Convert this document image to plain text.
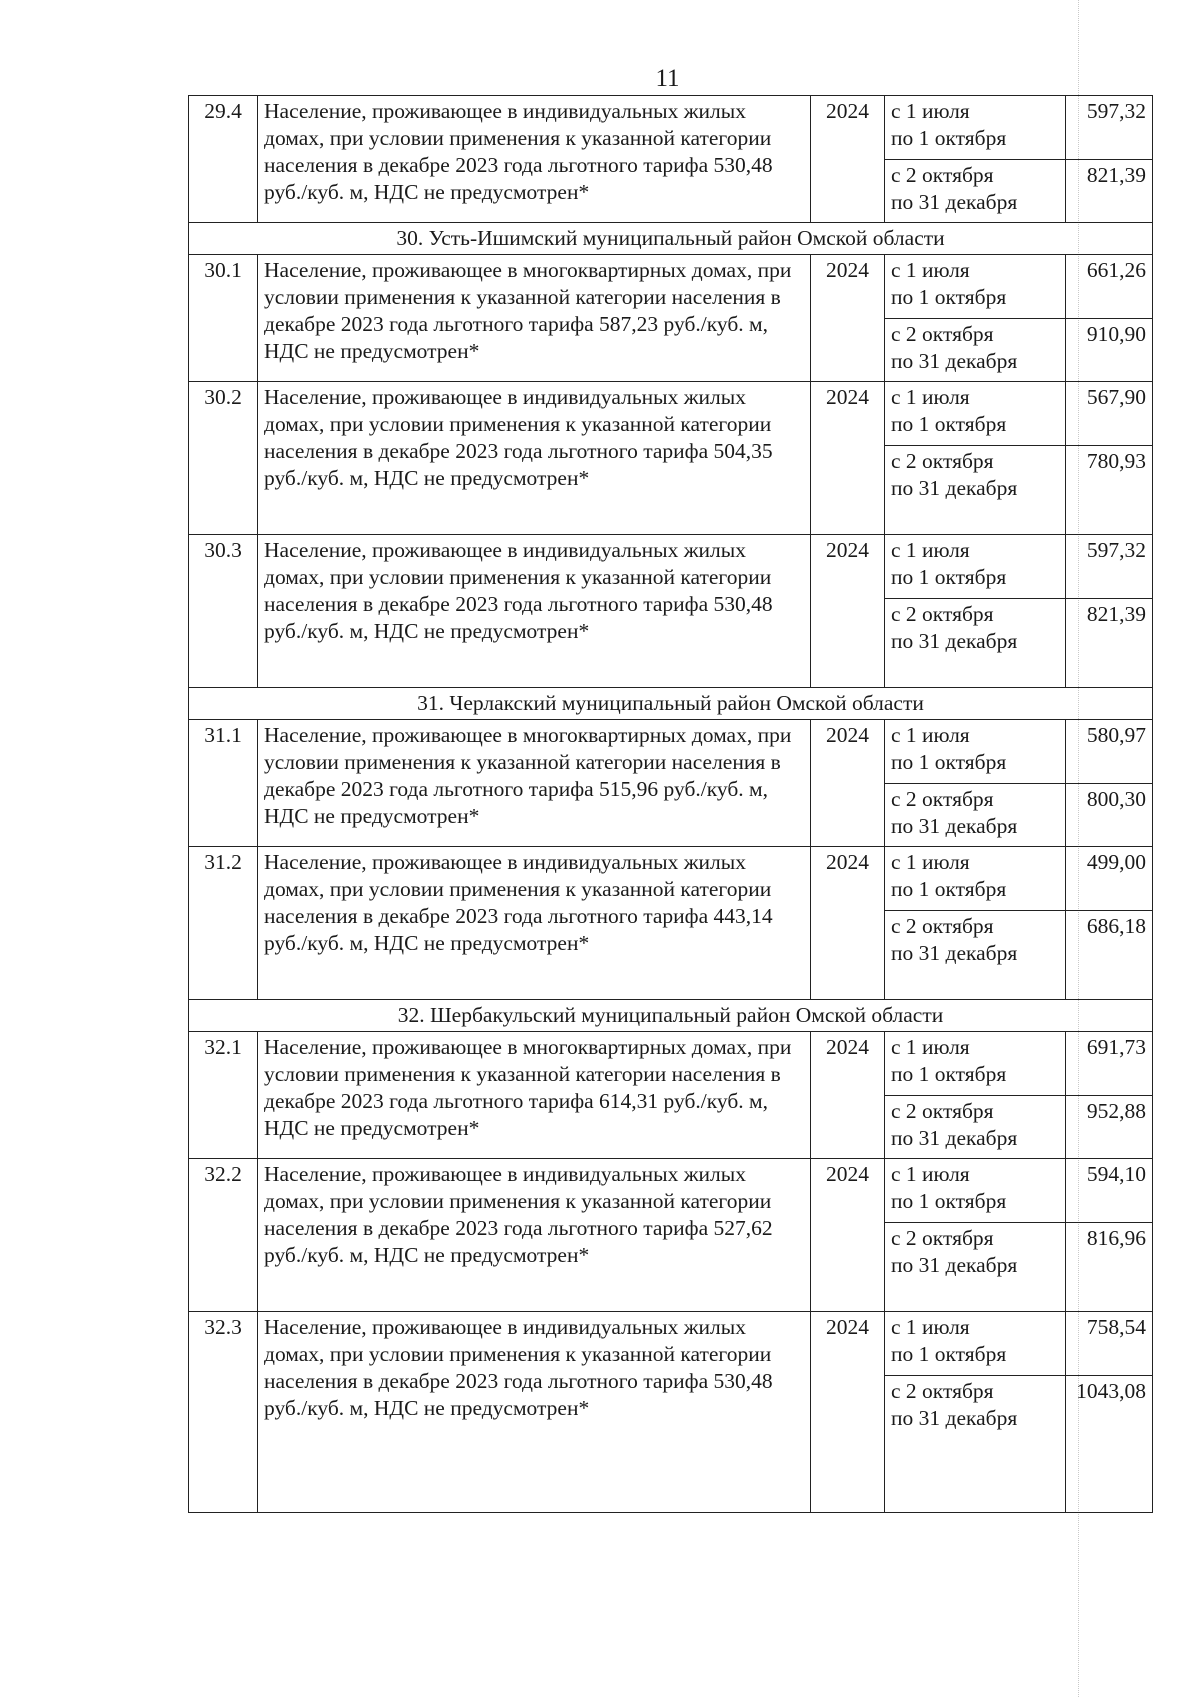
11
29.4	Население, проживающее в индивидуальных жилых домах, при условии применения к указанной категории населения в декабре 2023 года льготного тарифа 530,48 руб./куб. м, НДС не предусмотрен*	2024	с 1 июля
по 1 октября	597,32
			с 2 октября
по 31 декабря	821,39
30. Усть-Ишимский муниципальный район Омской области				
30.1	Население, проживающее в многоквартирных домах, при условии применения к указанной категории населения в декабре 2023 года льготного тарифа 587,23 руб./куб. м, НДС не предусмотрен*	2024	с 1 июля
по 1 октября	661,26
			с 2 октября
по 31 декабря	910,90
30.2	Население, проживающее в индивидуальных жилых домах, при условии применения к указанной категории населения в декабре 2023 года льготного тарифа 504,35 руб./куб. м, НДС не предусмотрен*	2024	с 1 июля
по 1 октября	567,90
			с 2 октября
по 31 декабря	780,93
30.3	Население, проживающее в индивидуальных жилых домах, при условии применения к указанной категории населения в декабре 2023 года льготного тарифа 530,48 руб./куб. м, НДС не предусмотрен*	2024	с 1 июля
по 1 октября	597,32
			с 2 октября
по 31 декабря	821,39
31. Черлакский муниципальный район Омской области				
31.1	Население, проживающее в многоквартирных домах, при условии применения к указанной категории населения в декабре 2023 года льготного тарифа 515,96 руб./куб. м, НДС не предусмотрен*	2024	с 1 июля
по 1 октября	580,97
			с 2 октября
по 31 декабря	800,30
31.2	Население, проживающее в индивидуальных жилых домах, при условии применения к указанной категории населения в декабре 2023 года льготного тарифа 443,14 руб./куб. м, НДС не предусмотрен*	2024	с 1 июля
по 1 октября	499,00
			с 2 октября
по 31 декабря	686,18
32. Шербакульский муниципальный район Омской области				
32.1	Население, проживающее в многоквартирных домах, при условии применения к указанной категории населения в декабре 2023 года льготного тарифа 614,31 руб./куб. м, НДС не предусмотрен*	2024	с 1 июля
по 1 октября	691,73
			с 2 октября
по 31 декабря	952,88
32.2	Население, проживающее в индивидуальных жилых домах, при условии применения к указанной категории населения в декабре 2023 года льготного тарифа 527,62 руб./куб. м, НДС не предусмотрен*	2024	с 1 июля
по 1 октября	594,10
			с 2 октября
по 31 декабря	816,96
32.3	Население, проживающее в индивидуальных жилых домах, при условии применения к указанной категории населения в декабре 2023 года льготного тарифа 530,48 руб./куб. м, НДС не предусмотрен*	2024	с 1 июля
по 1 октября	758,54
			с 2 октября
по 31 декабря	1043,08
